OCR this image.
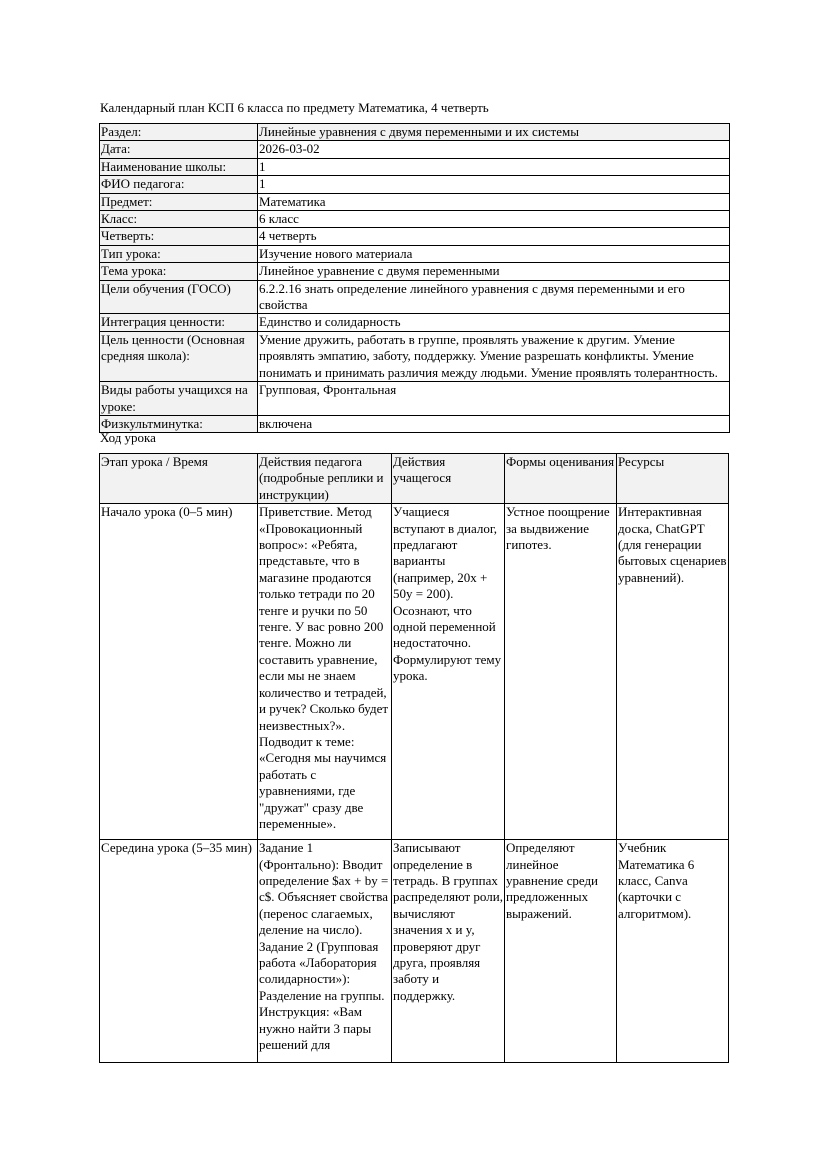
Календарный план КСП 6 класса по предмету Математика, 4 четверть
Раздел:	Линейные уравнения с двумя переменными и их системы
Дата:	2026-03-02
Наименование школы:	1
ФИО педагога:	1
Предмет:	Математика
Класс:	6 класс
Четверть:	4 четверть
Тип урока:	Изучение нового материала
Тема урока:	Линейное уравнение с двумя переменными
Цели обучения (ГОСО)	6.2.2.16 знать определение линейного уравнения с двумя переменными и его свойства
Интеграция ценности:	Единство и солидарность
Цель ценности (Основная средняя школа):	Умение дружить, работать в группе, проявлять уважение к другим. Умение проявлять эмпатию, заботу, поддержку. Умение разрешать конфликты. Умение понимать и принимать различия между людьми. Умение проявлять толерантность.
Виды работы учащихся на уроке:	Групповая, Фронтальная
Физкультминутка:	включена
Ход урока
Этап урока / Время	Действия педагога (подробные реплики и инструкции)	Действия учащегося	Формы оценивания	Ресурсы
Начало урока (0–5 мин)	Приветствие. Метод «Провокационный вопрос»: «Ребята, представьте, что в магазине продаются только тетради по 20 тенге и ручки по 50 тенге. У вас ровно 200 тенге. Можно ли составить уравнение, если мы не знаем количество и тетрадей, и ручек? Сколько будет неизвестных?». Подводит к теме: «Сегодня мы научимся работать с уравнениями, где "дружат" сразу две переменные».	Учащиеся вступают в диалог, предлагают варианты (например, 20x + 50y = 200). Осознают, что одной переменной недостаточно. Формулируют тему урока.	Устное поощрение за выдвижение гипотез.	Интерактивная доска, ChatGPT (для генерации бытовых сценариев уравнений).
Середина урока (5–35 мин)	Задание 1 (Фронтально): Вводит определение $ax + by = c$. Объясняет свойства (перенос слагаемых, деление на число). Задание 2 (Групповая работа «Лаборатория солидарности»): Разделение на группы. Инструкция: «Вам нужно найти 3 пары решений для	Записывают определение в тетрадь. В группах распределяют роли, вычисляют значения x и y, проверяют друг друга, проявляя заботу и поддержку.	Определяют линейное уравнение среди предложенных выражений.	Учебник Математика 6 класс, Canva (карточки с алгоритмом).
